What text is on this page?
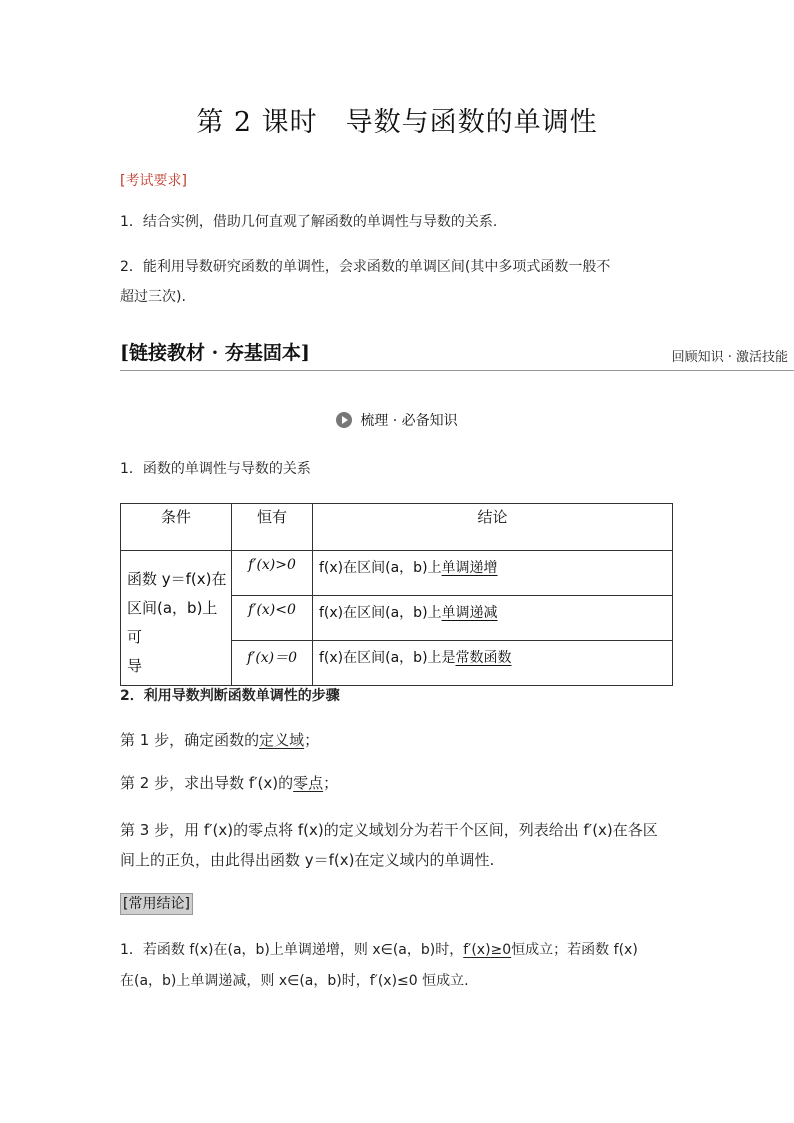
第 2 课时　导数与函数的单调性
[考试要求]
1．结合实例，借助几何直观了解函数的单调性与导数的关系.
2．能利用导数研究函数的单调性，会求函数的单调区间(其中多项式函数一般不
超过三次).
[链接教材 · 夯基固本]	回顾知识 · 激活技能
梳理 · 必备知识
1．函数的单调性与导数的关系
条件	恒有	结论

函数 y＝f(x)在
区间(a，b)上可
导	f′(x)>0	f(x)在区间(a，b)上单调递增
	f′(x)<0	f(x)在区间(a，b)上单调递减
	f′(x)＝0	f(x)在区间(a，b)上是常数函数
2．利用导数判断函数单调性的步骤
第 1 步，确定函数的定义域；
第 2 步，求出导数 f′(x)的零点；
第 3 步，用 f′(x)的零点将 f(x)的定义域划分为若干个区间，列表给出 f′(x)在各区
间上的正负，由此得出函数 y＝f(x)在定义域内的单调性.
[常用结论]
1．若函数 f(x)在(a，b)上单调递增，则 x∈(a，b)时，f′(x)≥0恒成立；若函数 f(x)
在(a，b)上单调递减，则 x∈(a，b)时，f′(x)≤0 恒成立.
